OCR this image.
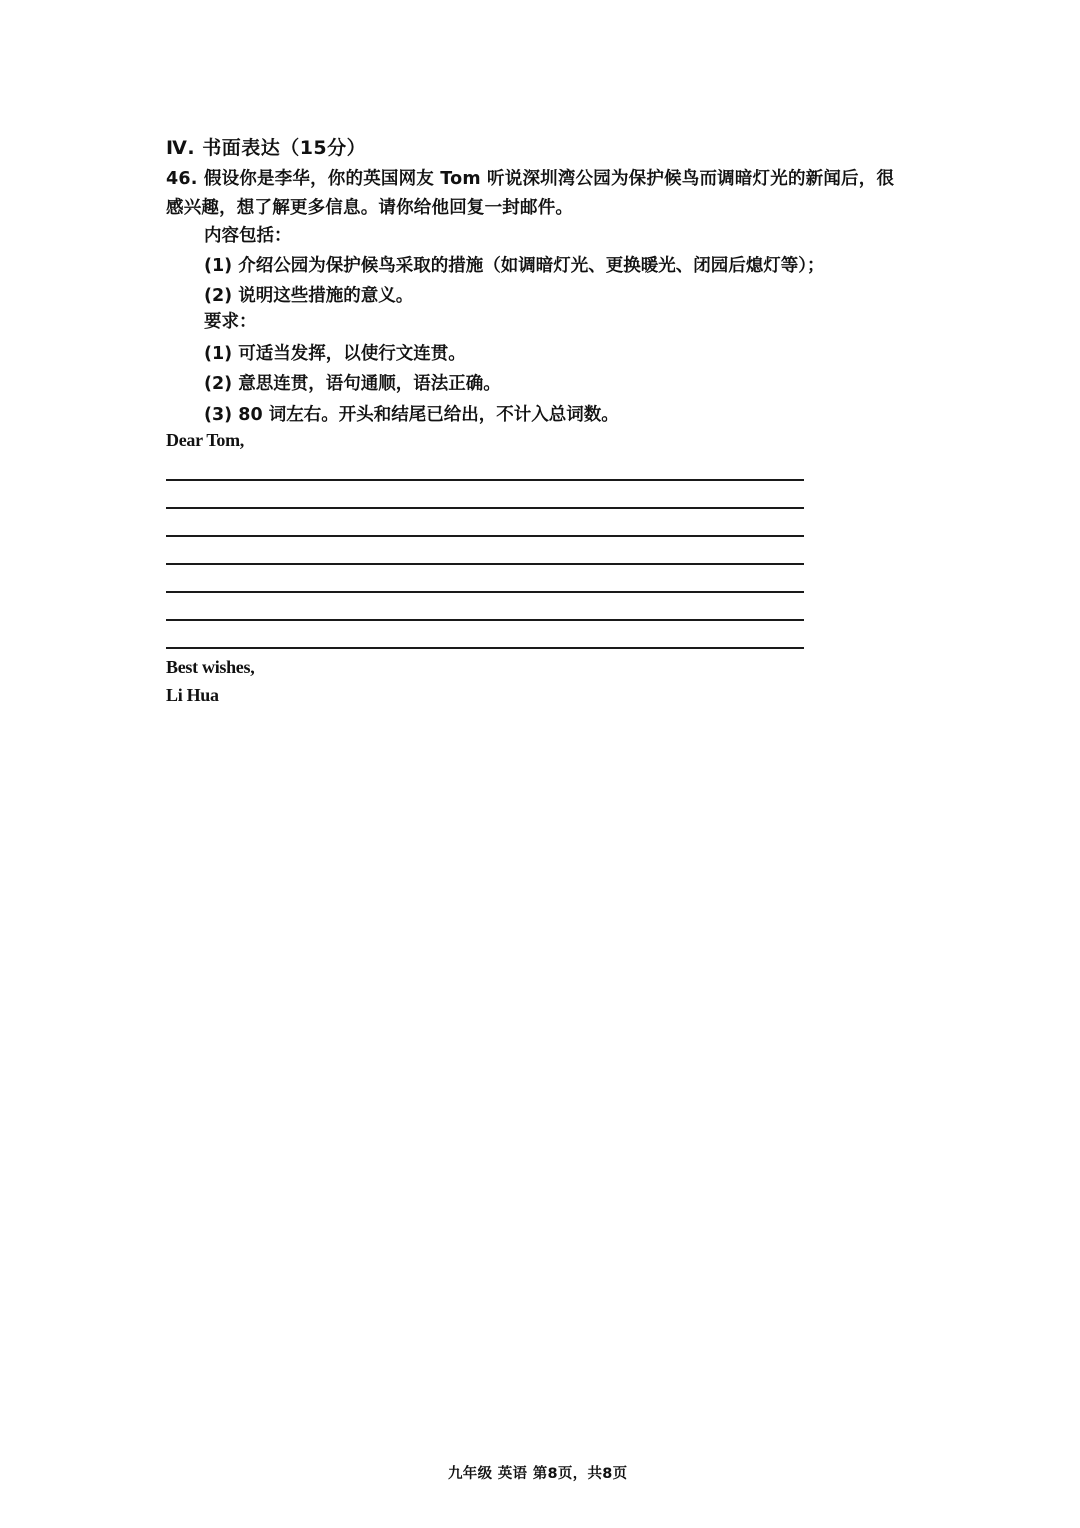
Ⅳ. 书面表达（15分）
46. 假设你是李华，你的英国网友 Tom 听说深圳湾公园为保护候鸟而调暗灯光的新闻后，很感兴趣，想了解更多信息。请你给他回复一封邮件。
内容包括：
(1) 介绍公园为保护候鸟采取的措施（如调暗灯光、更换暖光、闭园后熄灯等）；
(2) 说明这些措施的意义。
要求：
(1) 可适当发挥，以使行文连贯。
(2) 意思连贯，语句通顺，语法正确。
(3) 80 词左右。开头和结尾已给出，不计入总词数。
Dear Tom,
Best wishes,
Li Hua
九年级 英语 第8页，共8页
